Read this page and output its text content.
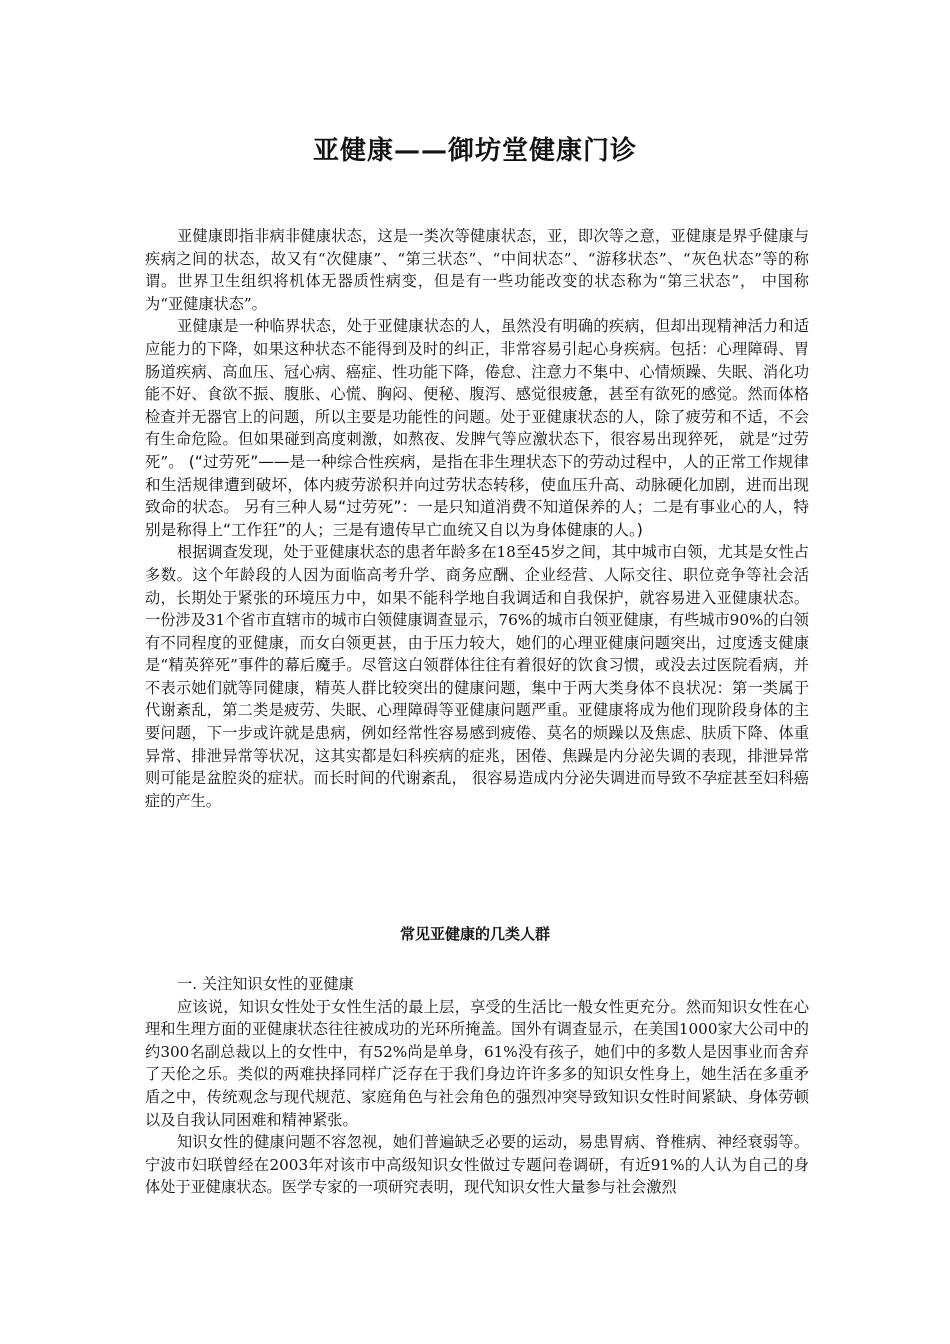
亚健康——御坊堂健康门诊

亚健康即指非病非健康状态，这是一类次等健康状态，亚，即次等之意，亚健康是界乎健康与疾病之间的状态，故又有“次健康”、“第三状态”、“中间状态”、“游移状态”、“灰色状态”等的称谓。世界卫生组织将机体无器质性病变，但是有一些功能改变的状态称为“第三状态”， 中国称为“亚健康状态”。

亚健康是一种临界状态，处于亚健康状态的人，虽然没有明确的疾病，但却出现精神活力和适应能力的下降，如果这种状态不能得到及时的纠正，非常容易引起心身疾病。包括：心理障碍、胃肠道疾病、高血压、冠心病、癌症、性功能下降，倦怠、注意力不集中、心情烦躁、失眠、消化功能不好、食欲不振、腹胀、心慌、胸闷、便秘、腹泻、感觉很疲惫，甚至有欲死的感觉。然而体格检查并无器官上的问题，所以主要是功能性的问题。处于亚健康状态的人，除了疲劳和不适，不会有生命危险。但如果碰到高度刺激，如熬夜、发脾气等应激状态下，很容易出现猝死， 就是“过劳死”。 (“过劳死”——是一种综合性疾病，是指在非生理状态下的劳动过程中，人的正常工作规律和生活规律遭到破坏，体内疲劳淤积并向过劳状态转移，使血压升高、动脉硬化加剧，进而出现致命的状态。 另有三种人易“过劳死”：一是只知道消费不知道保养的人；二是有事业心的人，特别是称得上“工作狂”的人；三是有遗传早亡血统又自以为身体健康的人。)

根据调查发现，处于亚健康状态的患者年龄多在18至45岁之间，其中城市白领，尤其是女性占多数。这个年龄段的人因为面临高考升学、商务应酬、企业经营、人际交往、职位竞争等社会活动，长期处于紧张的环境压力中，如果不能科学地自我调适和自我保护，就容易进入亚健康状态。一份涉及31个省市直辖市的城市白领健康调查显示，76%的城市白领亚健康，有些城市90%的白领有不同程度的亚健康，而女白领更甚，由于压力较大，她们的心理亚健康问题突出，过度透支健康是“精英猝死”事件的幕后魔手。尽管这白领群体往往有着很好的饮食习惯，或没去过医院看病，并不表示她们就等同健康，精英人群比较突出的健康问题，集中于两大类身体不良状况：第一类属于代谢紊乱，第二类是疲劳、失眠、心理障碍等亚健康问题严重。亚健康将成为他们现阶段身体的主要问题，下一步或许就是患病，例如经常性容易感到疲倦、莫名的烦躁以及焦虑、肤质下降、体重异常、排泄异常等状况，这其实都是妇科疾病的症兆，困倦、焦躁是内分泌失调的表现，排泄异常则可能是盆腔炎的症状。而长时间的代谢紊乱， 很容易造成内分泌失调进而导致不孕症甚至妇科癌症的产生。

常见亚健康的几类人群

一. 关注知识女性的亚健康

应该说，知识女性处于女性生活的最上层，享受的生活比一般女性更充分。然而知识女性在心理和生理方面的亚健康状态往往被成功的光环所掩盖。国外有调查显示，在美国1000家大公司中的约300名副总裁以上的女性中，有52%尚是单身，61%没有孩子，她们中的多数人是因事业而舍弃了天伦之乐。类似的两难抉择同样广泛存在于我们身边许许多多的知识女性身上，她生活在多重矛盾之中，传统观念与现代规范、家庭角色与社会角色的强烈冲突导致知识女性时间紧缺、身体劳顿以及自我认同困难和精神紧张。

知识女性的健康问题不容忽视，她们普遍缺乏必要的运动，易患胃病、脊椎病、神经衰弱等。宁波市妇联曾经在2003年对该市中高级知识女性做过专题问卷调研，有近91%的人认为自己的身体处于亚健康状态。医学专家的一项研究表明，现代知识女性大量参与社会激烈
